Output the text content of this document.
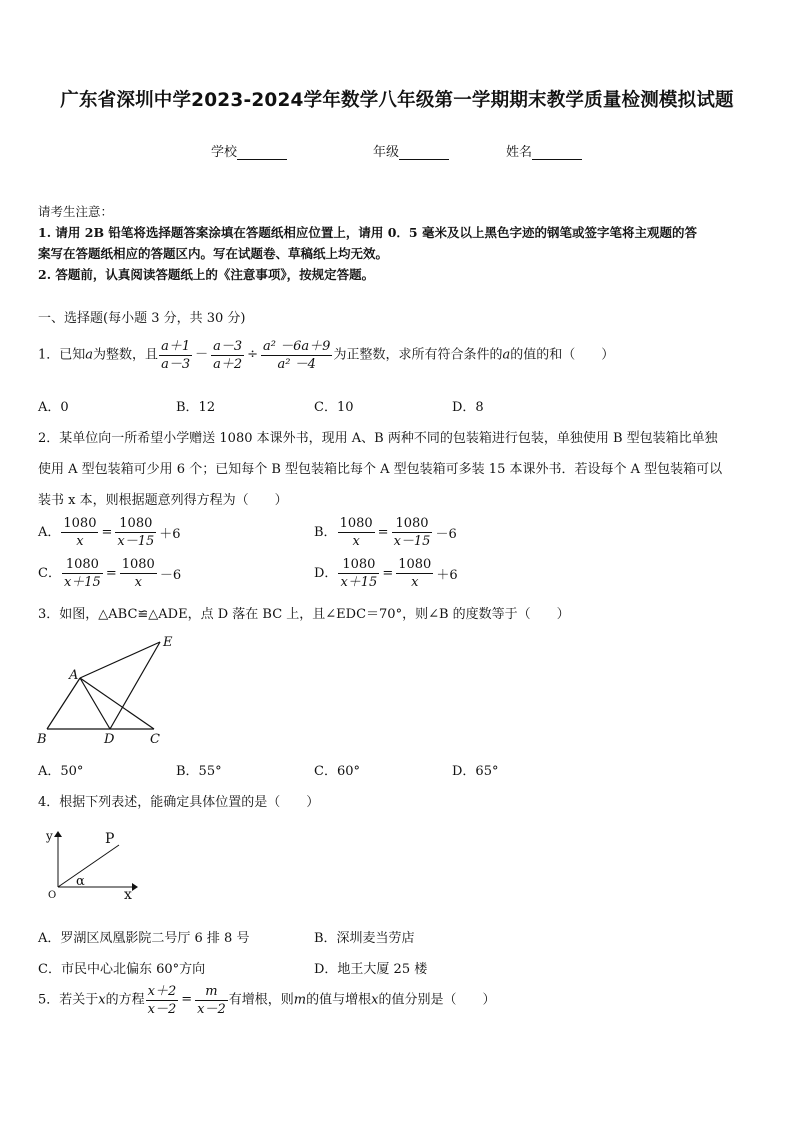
广东省深圳中学2023-2024学年数学八年级第一学期期末教学质量检测模拟试题
学校	年级	姓名
请考生注意：
1. 请用 2B 铅笔将选择题答案涂填在答题纸相应位置上，请用 0．5 毫米及以上黑色字迹的钢笔或签字笔将主观题的答
案写在答题纸相应的答题区内。写在试题卷、草稿纸上均无效。
2. 答题前，认真阅读答题纸上的《注意事项》，按规定答题。
一、选择题(每小题 3 分，共 30 分)
1．已知a为整数，且 $\frac{a+1}{a-3} - \frac{a-3}{a+2} \div \frac{\text{a² －6a＋9}}{\text{a² －4}}$ 为正整数，求所有符合条件的a的值的和（　　）
A．0	B．12	C．10	D．8
2．某单位向一所希望小学赠送 1080 本课外书，现用 A、B 两种不同的包装箱进行包装，单独使用 B 型包装箱比单独
使用 A 型包装箱可少用 6 个；已知每个 B 型包装箱比每个 A 型包装箱可多装 15 本课外书．若设每个 A 型包装箱可以
装书 x 本，则根据题意列得方程为（　　）
A． $\frac{1080}{x} = \frac{1080}{x-15} +6$	B． $\frac{1080}{x} = \frac{1080}{x-15} -6$
C． $\frac{1080}{x+15} = \frac{1080}{x} -6$	D． $\frac{1080}{x+15} = \frac{1080}{x} +6$
3．如图，△ABC≌△ADE，点 D 落在 BC 上，且∠EDC＝70°，则∠B 的度数等于（　　）
A
B	D	C
E
A．50°	B．55°	C．60°	D．65°
4．根据下列表述，能确定具体位置的是（　　）
y
x
O
P
α
A．罗湖区凤凰影院二号厅 6 排 8 号	B．深圳麦当劳店
C．市民中心北偏东 60°方向	D．地王大厦 25 楼
5．若关于x的方程 $\frac{x+2}{x-2} = \frac{m}{x-2}$ 有增根，则m的值与增根x的值分别是（　　）
